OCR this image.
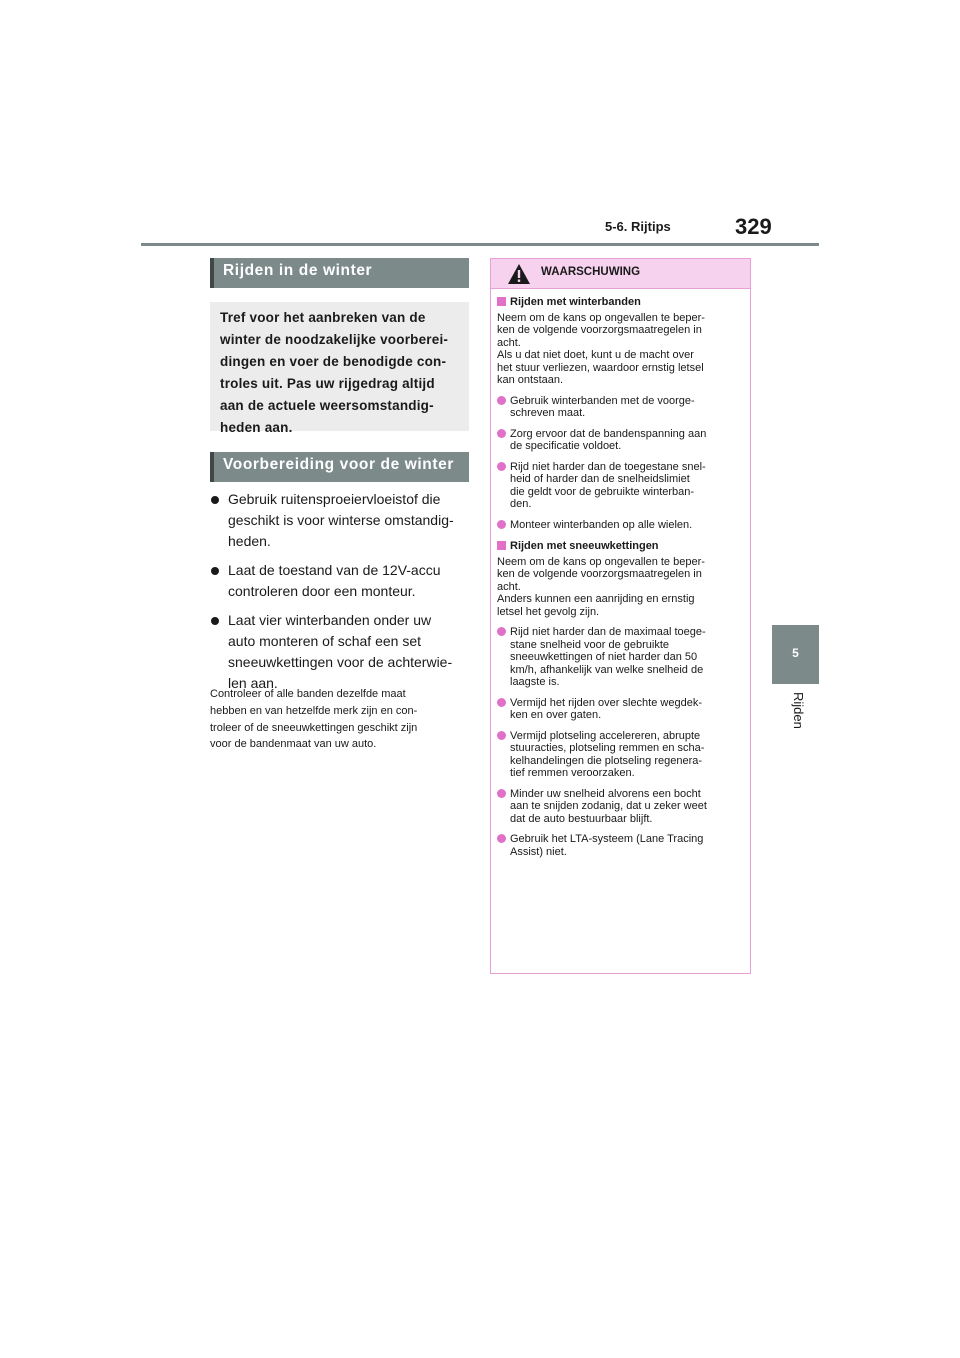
5-6. Rijtips	329
5
Rijden
Rijden in de winter
Tref voor het aanbreken van de
winter de noodzakelijke voorberei-
dingen en voer de benodigde con-
troles uit. Pas uw rijgedrag altijd
aan de actuele weersomstandig-
heden aan.
Voorbereiding voor de winter
Gebruik ruitensproeiervloeistof die
geschikt is voor winterse omstandig-
heden.
Laat de toestand van de 12V-accu
controleren door een monteur.
Laat vier winterbanden onder uw
auto monteren of schaf een set
sneeuwkettingen voor de achterwie-
len aan.
Controleer of alle banden dezelfde maat
hebben en van hetzelfde merk zijn en con-
troleer of de sneeuwkettingen geschikt zijn
voor de bandenmaat van uw auto.
WAARSCHUWING
Rijden met winterbanden
Neem om de kans op ongevallen te beper-
ken de volgende voorzorgsmaatregelen in
acht.
Als u dat niet doet, kunt u de macht over
het stuur verliezen, waardoor ernstig letsel
kan ontstaan.
Gebruik winterbanden met de voorge-
schreven maat.
Zorg ervoor dat de bandenspanning aan
de specificatie voldoet.
Rijd niet harder dan de toegestane snel-
heid of harder dan de snelheidslimiet
die geldt voor de gebruikte winterban-
den.
Monteer winterbanden op alle wielen.
Rijden met sneeuwkettingen
Neem om de kans op ongevallen te beper-
ken de volgende voorzorgsmaatregelen in
acht.
Anders kunnen een aanrijding en ernstig
letsel het gevolg zijn.
Rijd niet harder dan de maximaal toege-
stane snelheid voor de gebruikte
sneeuwkettingen of niet harder dan 50
km/h, afhankelijk van welke snelheid de
laagste is.
Vermijd het rijden over slechte wegdek-
ken en over gaten.
Vermijd plotseling accelereren, abrupte
stuuracties, plotseling remmen en scha-
kelhandelingen die plotseling regenera-
tief remmen veroorzaken.
Minder uw snelheid alvorens een bocht
aan te snijden zodanig, dat u zeker weet
dat de auto bestuurbaar blijft.
Gebruik het LTA-systeem (Lane Tracing
Assist) niet.
